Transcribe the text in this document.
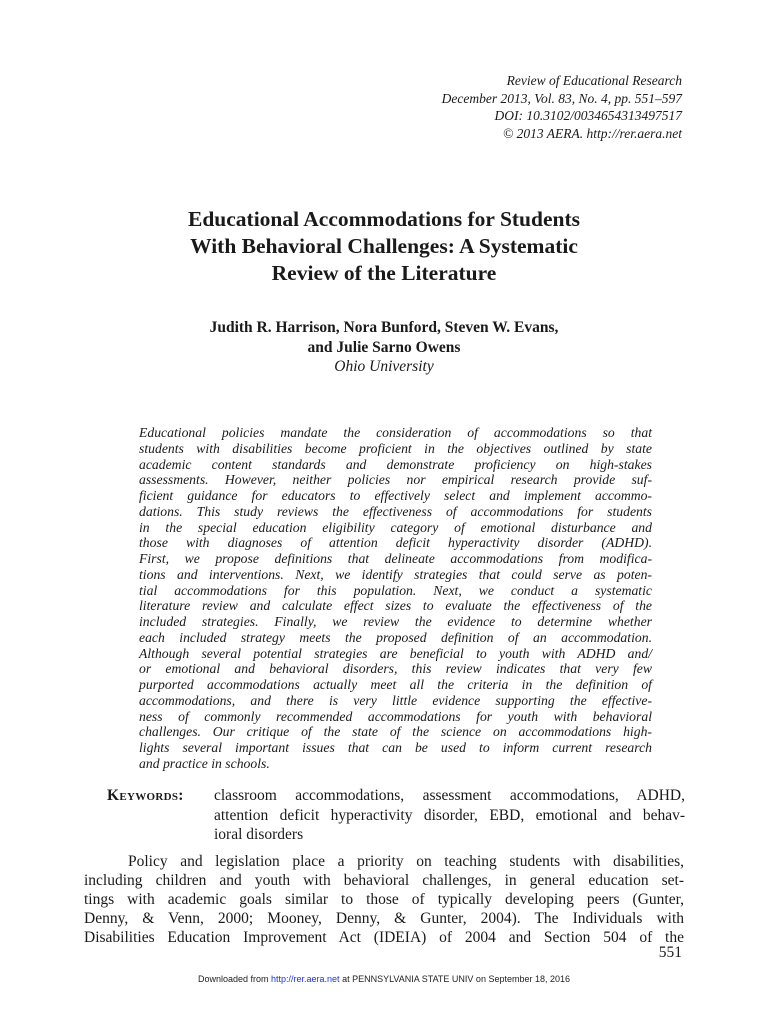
Review of Educational Research
December 2013, Vol. 83, No. 4, pp. 551–597
DOI: 10.3102/0034654313497517
© 2013 AERA. http://rer.aera.net
Educational Accommodations for Students
With Behavioral Challenges: A Systematic
Review of the Literature
Judith R. Harrison, Nora Bunford, Steven W. Evans,
and Julie Sarno Owens
Ohio University
Educational policies mandate the consideration of accommodations so that
students with disabilities become proficient in the objectives outlined by state
academic content standards and demonstrate proficiency on high-stakes
assessments. However, neither policies nor empirical research provide suf-
ficient guidance for educators to effectively select and implement accommo-
dations. This study reviews the effectiveness of accommodations for students
in the special education eligibility category of emotional disturbance and
those with diagnoses of attention deficit hyperactivity disorder (ADHD).
First, we propose definitions that delineate accommodations from modifica-
tions and interventions. Next, we identify strategies that could serve as poten-
tial accommodations for this population. Next, we conduct a systematic
literature review and calculate effect sizes to evaluate the effectiveness of the
included strategies. Finally, we review the evidence to determine whether
each included strategy meets the proposed definition of an accommodation.
Although several potential strategies are beneficial to youth with ADHD and/
or emotional and behavioral disorders, this review indicates that very few
purported accommodations actually meet all the criteria in the definition of
accommodations, and there is very little evidence supporting the effective-
ness of commonly recommended accommodations for youth with behavioral
challenges. Our critique of the state of the science on accommodations high-
lights several important issues that can be used to inform current research
and practice in schools.
Keywords: classroom accommodations, assessment accommodations, ADHD,
attention deficit hyperactivity disorder, EBD, emotional and behav-
ioral disorders
Policy and legislation place a priority on teaching students with disabilities,
including children and youth with behavioral challenges, in general education set-
tings with academic goals similar to those of typically developing peers (Gunter,
Denny, & Venn, 2000; Mooney, Denny, & Gunter, 2004). The Individuals with
Disabilities Education Improvement Act (IDEIA) of 2004 and Section 504 of the
551
Downloaded from http://rer.aera.net at PENNSYLVANIA STATE UNIV on September 18, 2016
